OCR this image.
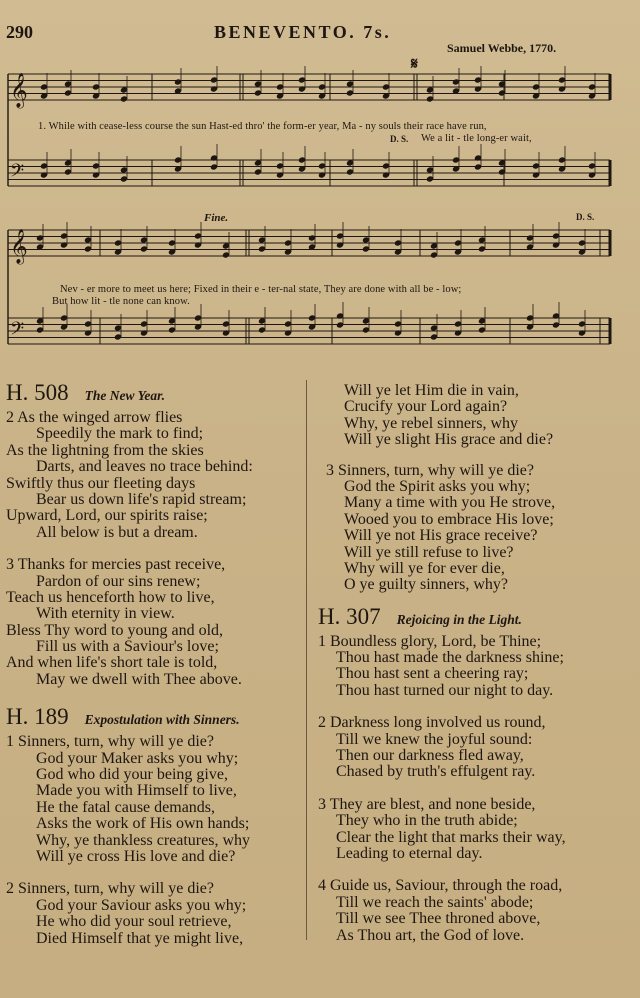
290	BENEVENTO. 7s.
Samuel Webbe, 1770.
𝄋
𝄞
𝄞
𝄢
𝄢
1. While with cease-less course the sun Hast-ed thro' the form-er year, Ma - ny souls their race have run,
D. S. We a lit - tle long-er wait,
Fine.	D. S.
Nev - er more to meet us here; Fixed in their e - ter-nal state, They are done with all be - low;
But how lit - tle none can know.
H. 508 The New Year.
2 As the winged arrow flies
Speedily the mark to find;
As the lightning from the skies
Darts, and leaves no trace behind:
Swiftly thus our fleeting days
Bear us down life's rapid stream;
Upward, Lord, our spirits raise;
All below is but a dream.
3 Thanks for mercies past receive,
Pardon of our sins renew;
Teach us henceforth how to live,
With eternity in view.
Bless Thy word to young and old,
Fill us with a Saviour's love;
And when life's short tale is told,
May we dwell with Thee above.
H. 189 Expostulation with Sinners.
1 Sinners, turn, why will ye die?
God your Maker asks you why;
God who did your being give,
Made you with Himself to live,
He the fatal cause demands,
Asks the work of His own hands;
Why, ye thankless creatures, why
Will ye cross His love and die?
2 Sinners, turn, why will ye die?
God your Saviour asks you why;
He who did your soul retrieve,
Died Himself that ye might live,
Will ye let Him die in vain,
Crucify your Lord again?
Why, ye rebel sinners, why
Will ye slight His grace and die?
3 Sinners, turn, why will ye die?
God the Spirit asks you why;
Many a time with you He strove,
Wooed you to embrace His love;
Will ye not His grace receive?
Will ye still refuse to live?
Why will ye for ever die,
O ye guilty sinners, why?
H. 307 Rejoicing in the Light.
1 Boundless glory, Lord, be Thine;
Thou hast made the darkness shine;
Thou hast sent a cheering ray;
Thou hast turned our night to day.
2 Darkness long involved us round,
Till we knew the joyful sound:
Then our darkness fled away,
Chased by truth's effulgent ray.
3 They are blest, and none beside,
They who in the truth abide;
Clear the light that marks their way,
Leading to eternal day.
4 Guide us, Saviour, through the road,
Till we reach the saints' abode;
Till we see Thee throned above,
As Thou art, the God of love.
